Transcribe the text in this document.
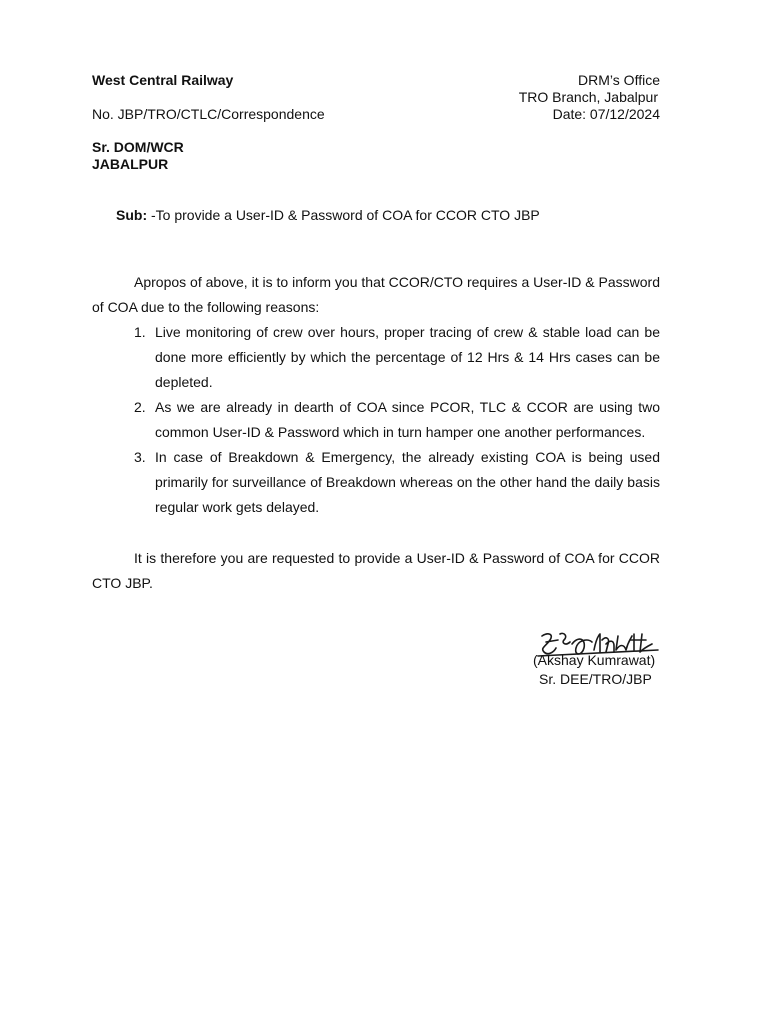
West Central Railway	DRM’s Office
TRO Branch, Jabalpur
No. JBP/TRO/CTLC/Correspondence	Date: 07/12/2024
Sr. DOM/WCR
JABALPUR
Sub: -To provide a User-ID & Password of COA for CCOR CTO JBP
Apropos of above, it is to inform you that CCOR/CTO requires a User-ID & Password of COA due to the following reasons:
1. Live monitoring of crew over hours, proper tracing of crew & stable load can be done more efficiently by which the percentage of 12 Hrs & 14 Hrs cases can be depleted.
2. As we are already in dearth of COA since PCOR, TLC & CCOR are using two common User-ID & Password which in turn hamper one another performances.
3. In case of Breakdown & Emergency, the already existing COA is being used primarily for surveillance of Breakdown whereas on the other hand the daily basis regular work gets delayed.
It is therefore you are requested to provide a User-ID & Password of COA for CCOR CTO JBP.
(Akshay Kumrawat)
Sr. DEE/TRO/JBP
